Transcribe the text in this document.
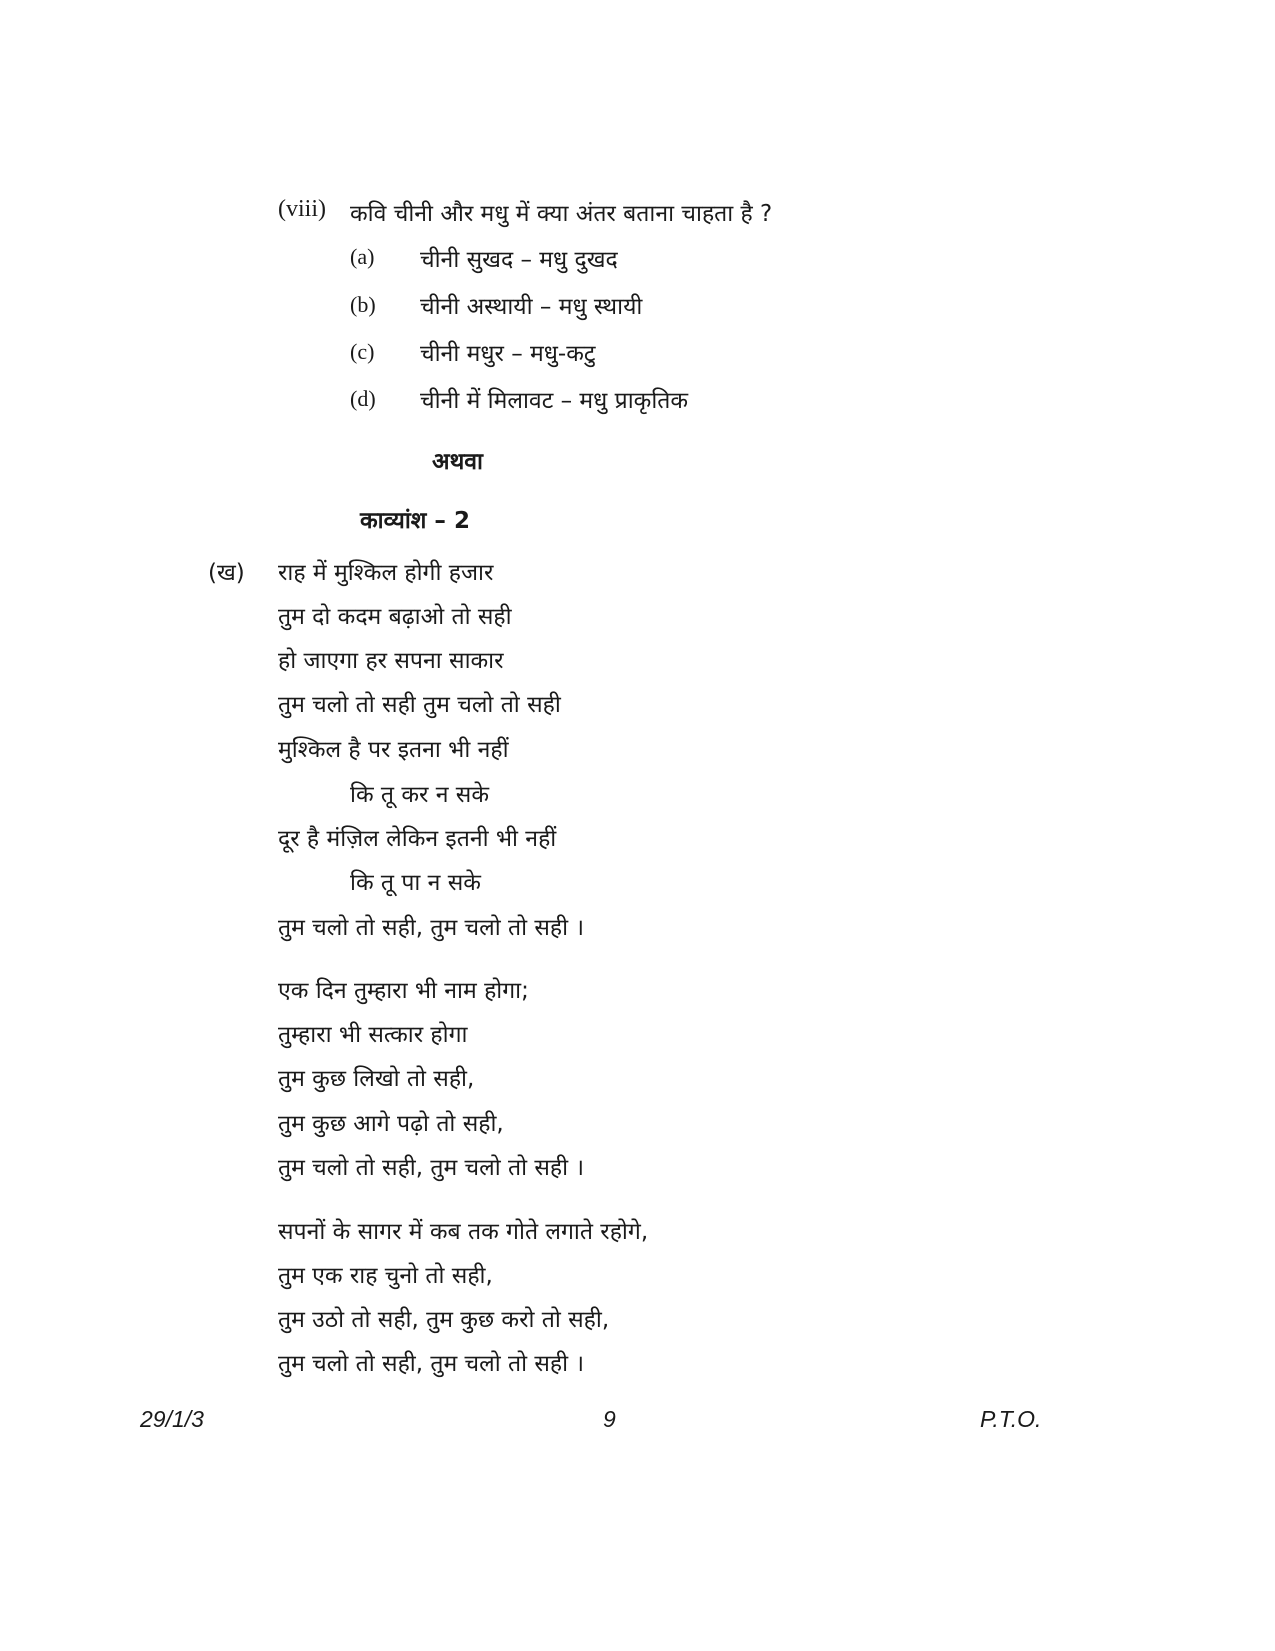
(viii) कवि चीनी और मधु में क्या अंतर बताना चाहता है ?
(a) चीनी सुखद – मधु दुखद
(b) चीनी अस्थायी – मधु स्थायी
(c) चीनी मधुर – मधु-कटु
(d) चीनी में मिलावट – मधु प्राकृतिक
अथवा
काव्यांश – 2
(ख) राह में मुश्किल होगी हजार
तुम दो कदम बढ़ाओ तो सही
हो जाएगा हर सपना साकार
तुम चलो तो सही तुम चलो तो सही
मुश्किल है पर इतना भी नहीं
कि तू कर न सके
दूर है मंज़िल लेकिन इतनी भी नहीं
कि तू पा न सके
तुम चलो तो सही, तुम चलो तो सही ।
एक दिन तुम्हारा भी नाम होगा;
तुम्हारा भी सत्कार होगा
तुम कुछ लिखो तो सही,
तुम कुछ आगे पढ़ो तो सही,
तुम चलो तो सही, तुम चलो तो सही ।
सपनों के सागर में कब तक गोते लगाते रहोगे,
तुम एक राह चुनो तो सही,
तुम उठो तो सही, तुम कुछ करो तो सही,
तुम चलो तो सही, तुम चलो तो सही ।
29/1/3	9	P.T.O.
